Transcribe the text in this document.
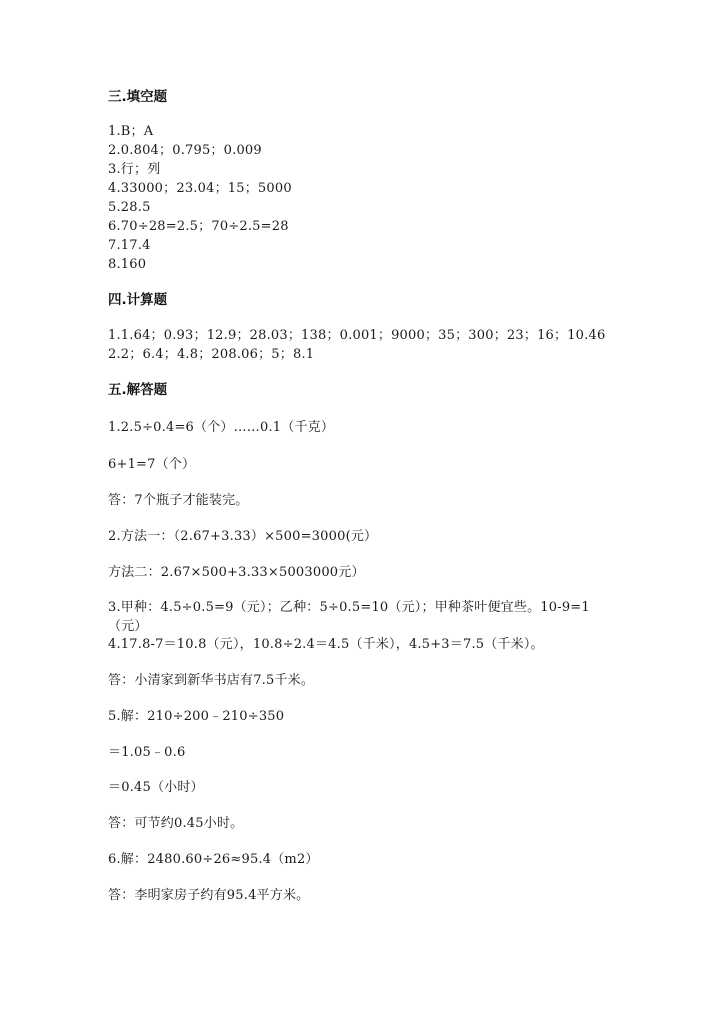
三.填空题
1.B；A
2.0.804；0.795；0.009
3.行；列
4.33000；23.04；15；5000
5.28.5
6.70÷28=2.5；70÷2.5=28
7.17.4
8.160
四.计算题
1.1.64；0.93；12.9；28.03；138；0.001；9000；35；300；23；16；10.46
2.2；6.4；4.8；208.06；5；8.1
五.解答题
1.2.5÷0.4=6（个）……0.1（千克）
6+1=7（个）
答：7个瓶子才能装完。
2.方法一：（2.67+3.33）×500=3000(元）
方法二：2.67×500+3.33×5003000元）
3.甲种：4.5÷0.5=9（元）；乙种：5÷0.5=10（元）；甲种茶叶便宜些。10-9=1（元）
4.17.8-7＝10.8（元），10.8÷2.4＝4.5（千米），4.5+3＝7.5（千米）。
答：小清家到新华书店有7.5千米。
5.解：210÷200﹣210÷350
＝1.05﹣0.6
＝0.45（小时）
答：可节约0.45小时。
6.解：2480.60÷26≈95.4（m2）
答：李明家房子约有95.4平方米。
